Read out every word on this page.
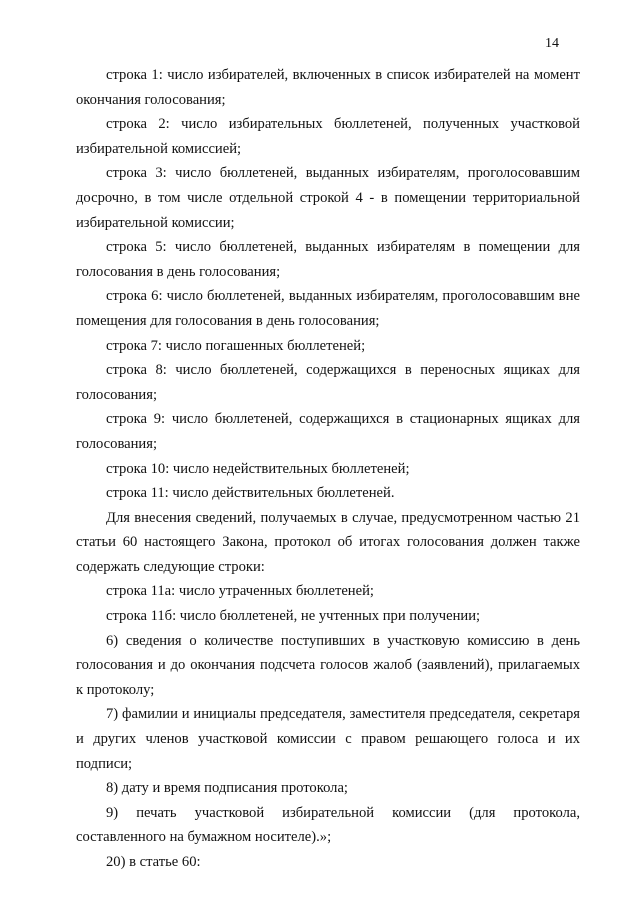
14

строка 1: число избирателей, включенных в список избирателей на момент окончания голосования;

строка 2: число избирательных бюллетеней, полученных участковой избирательной комиссией;

строка 3: число бюллетеней, выданных избирателям, проголосовавшим досрочно, в том числе отдельной строкой 4 - в помещении территориальной избирательной комиссии;

строка 5: число бюллетеней, выданных избирателям в помещении для голосования в день голосования;

строка 6: число бюллетеней, выданных избирателям, проголосовавшим вне помещения для голосования в день голосования;

строка 7: число погашенных бюллетеней;

строка 8: число бюллетеней, содержащихся в переносных ящиках для голосования;

строка 9: число бюллетеней, содержащихся в стационарных ящиках для голосования;

строка 10: число недействительных бюллетеней;

строка 11: число действительных бюллетеней.

Для внесения сведений, получаемых в случае, предусмотренном частью 21 статьи 60 настоящего Закона, протокол об итогах голосования должен также содержать следующие строки:

строка 11а: число утраченных бюллетеней;

строка 11б: число бюллетеней, не учтенных при получении;

6) сведения о количестве поступивших в участковую комиссию в день голосования и до окончания подсчета голосов жалоб (заявлений), прилагаемых к протоколу;

7) фамилии и инициалы председателя, заместителя председателя, секретаря и других членов участковой комиссии с правом решающего голоса и их подписи;

8) дату и время подписания протокола;

9) печать участковой избирательной комиссии (для протокола, составленного на бумажном носителе).»;

20) в статье 60:
